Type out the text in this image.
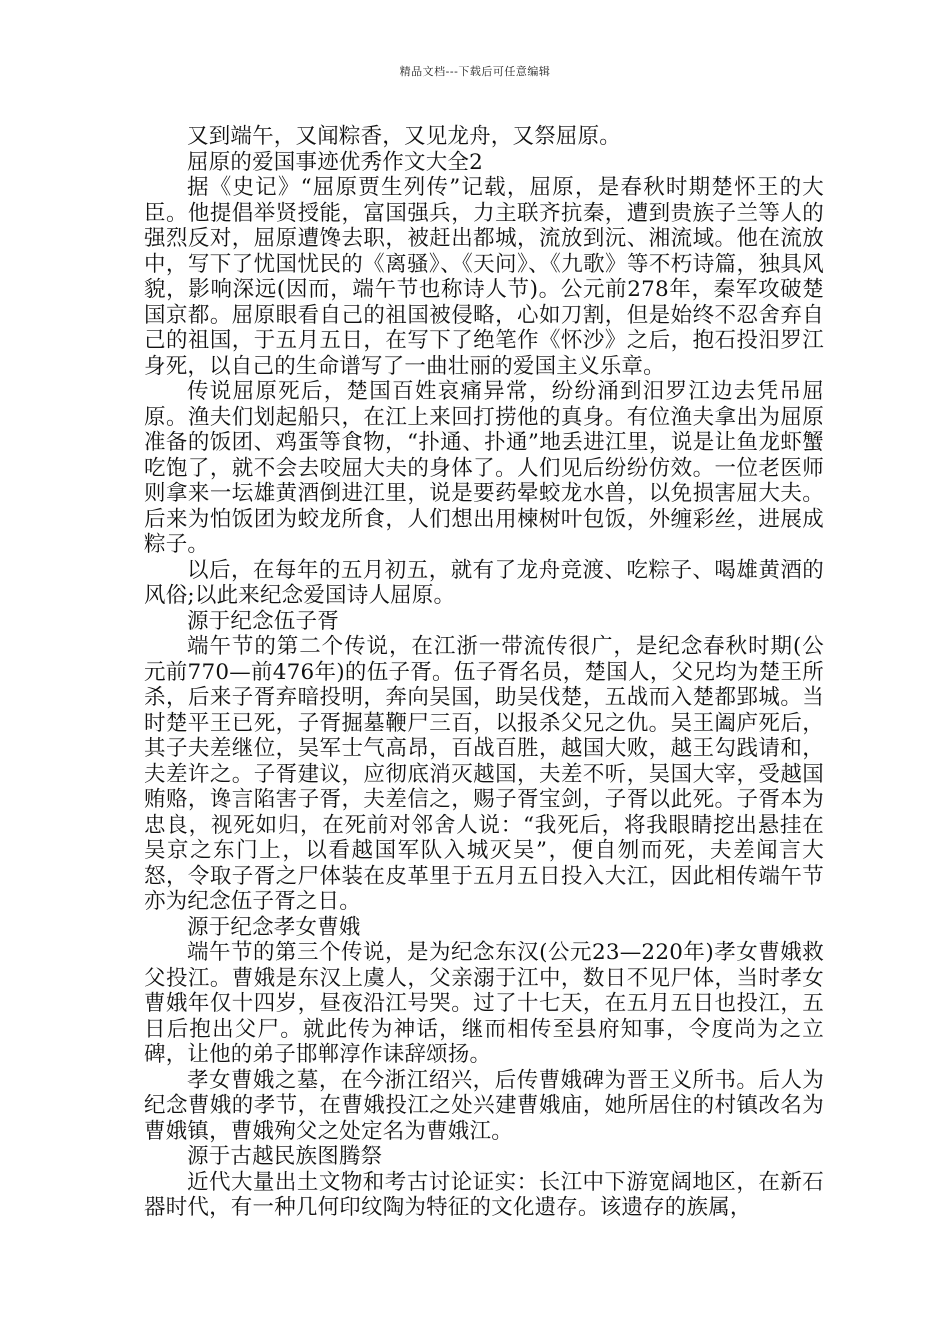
精品文档---下载后可任意编辑

又到端午，又闻粽香，又见龙舟，又祭屈原。

屈原的爱国事迹优秀作文大全2

据《史记》“屈原贾生列传”记载，屈原，是春秋时期楚怀王的大臣。他提倡举贤授能，富国强兵，力主联齐抗秦，遭到贵族子兰等人的强烈反对，屈原遭馋去职，被赶出都城，流放到沅、湘流域。他在流放中，写下了忧国忧民的《离骚》、《天问》、《九歌》等不朽诗篇，独具风貌，影响深远(因而，端午节也称诗人节)。公元前278年，秦军攻破楚国京都。屈原眼看自己的祖国被侵略，心如刀割，但是始终不忍舍弃自己的祖国，于五月五日，在写下了绝笔作《怀沙》之后，抱石投汨罗江身死，以自己的生命谱写了一曲壮丽的爱国主义乐章。

传说屈原死后，楚国百姓哀痛异常，纷纷涌到汨罗江边去凭吊屈原。渔夫们划起船只，在江上来回打捞他的真身。有位渔夫拿出为屈原准备的饭团、鸡蛋等食物，“扑通、扑通”地丢进江里，说是让鱼龙虾蟹吃饱了，就不会去咬屈大夫的身体了。人们见后纷纷仿效。一位老医师则拿来一坛雄黄酒倒进江里，说是要药晕蛟龙水兽，以免损害屈大夫。后来为怕饭团为蛟龙所食，人们想出用楝树叶包饭，外缠彩丝，进展成粽子。

以后，在每年的五月初五，就有了龙舟竞渡、吃粽子、喝雄黄酒的风俗;以此来纪念爱国诗人屈原。

源于纪念伍子胥

端午节的第二个传说，在江浙一带流传很广，是纪念春秋时期(公元前770—前476年)的伍子胥。伍子胥名员，楚国人，父兄均为楚王所杀，后来子胥弃暗投明，奔向吴国，助吴伐楚，五战而入楚都郢城。当时楚平王已死，子胥掘墓鞭尸三百，以报杀父兄之仇。吴王阖庐死后，其子夫差继位，吴军士气高昂，百战百胜，越国大败，越王勾践请和，夫差许之。子胥建议，应彻底消灭越国，夫差不听，吴国大宰，受越国贿赂，谗言陷害子胥，夫差信之，赐子胥宝剑，子胥以此死。子胥本为忠良，视死如归，在死前对邻舍人说：“我死后，将我眼睛挖出悬挂在吴京之东门上，以看越国军队入城灭吴”，便自刎而死，夫差闻言大怒，令取子胥之尸体装在皮革里于五月五日投入大江，因此相传端午节亦为纪念伍子胥之日。

源于纪念孝女曹娥

端午节的第三个传说，是为纪念东汉(公元23—220年)孝女曹娥救父投江。曹娥是东汉上虞人，父亲溺于江中，数日不见尸体，当时孝女曹娥年仅十四岁，昼夜沿江号哭。过了十七天，在五月五日也投江，五日后抱出父尸。就此传为神话，继而相传至县府知事，令度尚为之立碑，让他的弟子邯郸淳作诔辞颂扬。

孝女曹娥之墓，在今浙江绍兴，后传曹娥碑为晋王义所书。后人为纪念曹娥的孝节，在曹娥投江之处兴建曹娥庙，她所居住的村镇改名为曹娥镇，曹娥殉父之处定名为曹娥江。

源于古越民族图腾祭

近代大量出土文物和考古讨论证实：长江中下游宽阔地区，在新石器时代，有一种几何印纹陶为特征的文化遗存。该遗存的族属，
